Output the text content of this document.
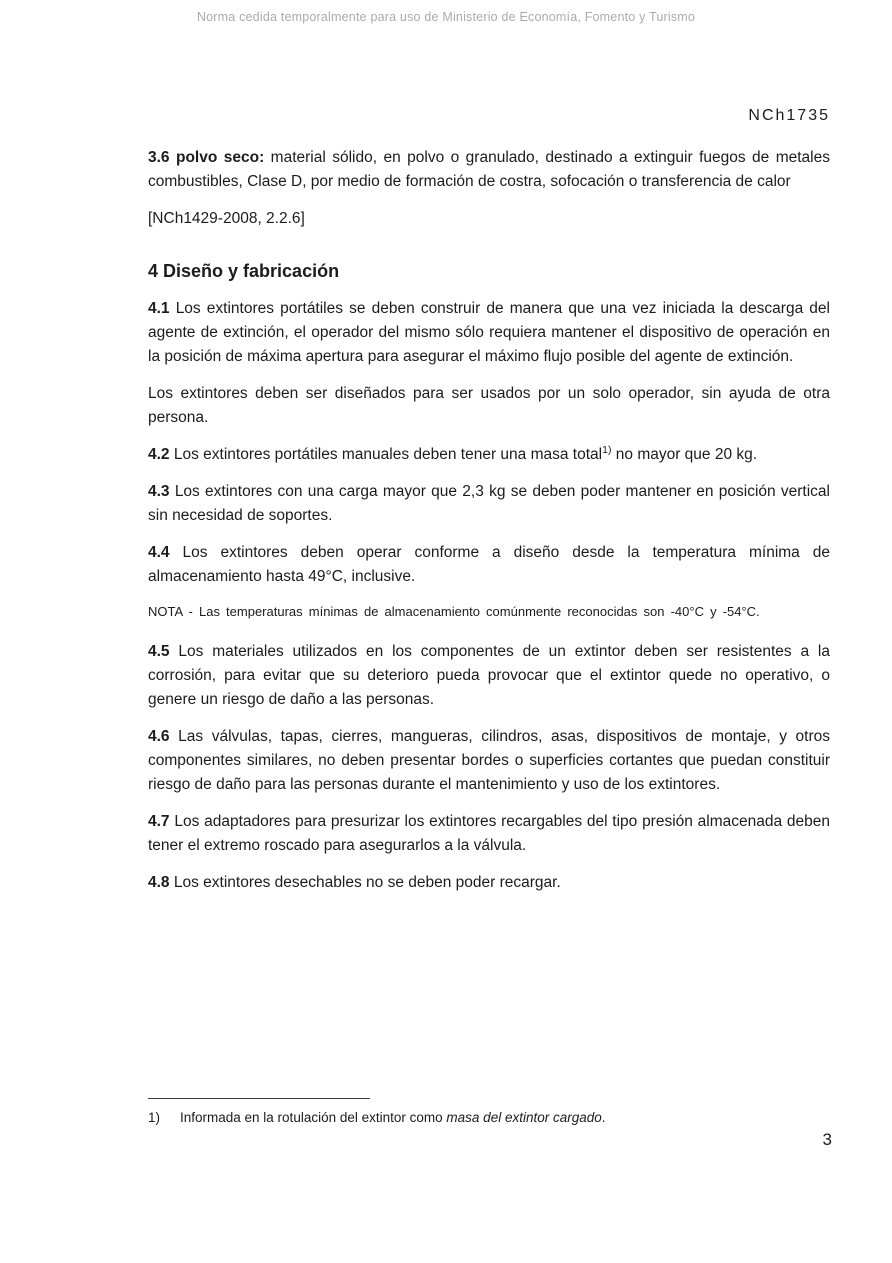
Norma cedida temporalmente para uso de Ministerio de Economía, Fomento y Turismo
NCh1735

3.6 polvo seco: material sólido, en polvo o granulado, destinado a extinguir fuegos de metales combustibles, Clase D, por medio de formación de costra, sofocación o transferencia de calor

[NCh1429-2008, 2.2.6]

4 Diseño y fabricación

4.1 Los extintores portátiles se deben construir de manera que una vez iniciada la descarga del agente de extinción, el operador del mismo sólo requiera mantener el dispositivo de operación en la posición de máxima apertura para asegurar el máximo flujo posible del agente de extinción.

Los extintores deben ser diseñados para ser usados por un solo operador, sin ayuda de otra persona.

4.2 Los extintores portátiles manuales deben tener una masa total$^{1)}$ no mayor que 20 kg.

4.3 Los extintores con una carga mayor que 2,3 kg se deben poder mantener en posición vertical sin necesidad de soportes.

4.4 Los extintores deben operar conforme a diseño desde la temperatura mínima de almacenamiento hasta 49°C, inclusive.

NOTA - Las temperaturas mínimas de almacenamiento comúnmente reconocidas son -40°C y -54°C.

4.5 Los materiales utilizados en los componentes de un extintor deben ser resistentes a la corrosión, para evitar que su deterioro pueda provocar que el extintor quede no operativo, o genere un riesgo de daño a las personas.

4.6 Las válvulas, tapas, cierres, mangueras, cilindros, asas, dispositivos de montaje, y otros componentes similares, no deben presentar bordes o superficies cortantes que puedan constituir riesgo de daño para las personas durante el mantenimiento y uso de los extintores.

4.7 Los adaptadores para presurizar los extintores recargables del tipo presión almacenada deben tener el extremo roscado para asegurarlos a la válvula.

4.8 Los extintores desechables no se deben poder recargar.

1)	Informada en la rotulación del extintor como masa del extintor cargado.
3
